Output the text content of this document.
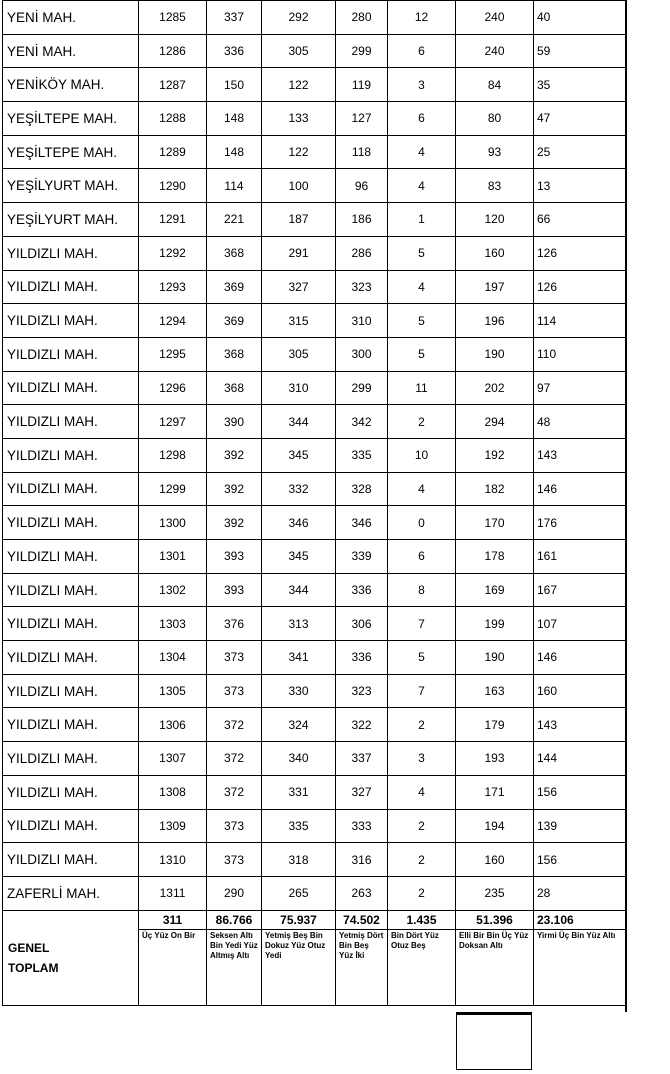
YENİ MAH.	1285	337	292	280	12	240	40
YENİ MAH.	1286	336	305	299	6	240	59
YENİKÖY MAH.	1287	150	122	119	3	84	35
YEŞİLTEPE MAH.	1288	148	133	127	6	80	47
YEŞİLTEPE MAH.	1289	148	122	118	4	93	25
YEŞİLYURT MAH.	1290	114	100	96	4	83	13
YEŞİLYURT MAH.	1291	221	187	186	1	120	66
YILDIZLI MAH.	1292	368	291	286	5	160	126
YILDIZLI MAH.	1293	369	327	323	4	197	126
YILDIZLI MAH.	1294	369	315	310	5	196	114
YILDIZLI MAH.	1295	368	305	300	5	190	110
YILDIZLI MAH.	1296	368	310	299	11	202	97
YILDIZLI MAH.	1297	390	344	342	2	294	48
YILDIZLI MAH.	1298	392	345	335	10	192	143
YILDIZLI MAH.	1299	392	332	328	4	182	146
YILDIZLI MAH.	1300	392	346	346	0	170	176
YILDIZLI MAH.	1301	393	345	339	6	178	161
YILDIZLI MAH.	1302	393	344	336	8	169	167
YILDIZLI MAH.	1303	376	313	306	7	199	107
YILDIZLI MAH.	1304	373	341	336	5	190	146
YILDIZLI MAH.	1305	373	330	323	7	163	160
YILDIZLI MAH.	1306	372	324	322	2	179	143
YILDIZLI MAH.	1307	372	340	337	3	193	144
YILDIZLI MAH.	1308	372	331	327	4	171	156
YILDIZLI MAH.	1309	373	335	333	2	194	139
YILDIZLI MAH.	1310	373	318	316	2	160	156
ZAFERLİ MAH.	1311	290	265	263	2	235	28
GENEL
TOPLAM	311	86.766	75.937	74.502	1.435	51.396	23.106
	Üç Yüz On Bir	Seksen Altı Bin Yedi Yüz Altmış Altı	Yetmiş Beş Bin Dokuz Yüz Otuz Yedi	Yetmiş Dört Bin Beş Yüz İki	Bin Dört Yüz Otuz Beş	Elli Bir Bin Üç Yüz Doksan Altı	Yirmi Üç Bin Yüz Altı
